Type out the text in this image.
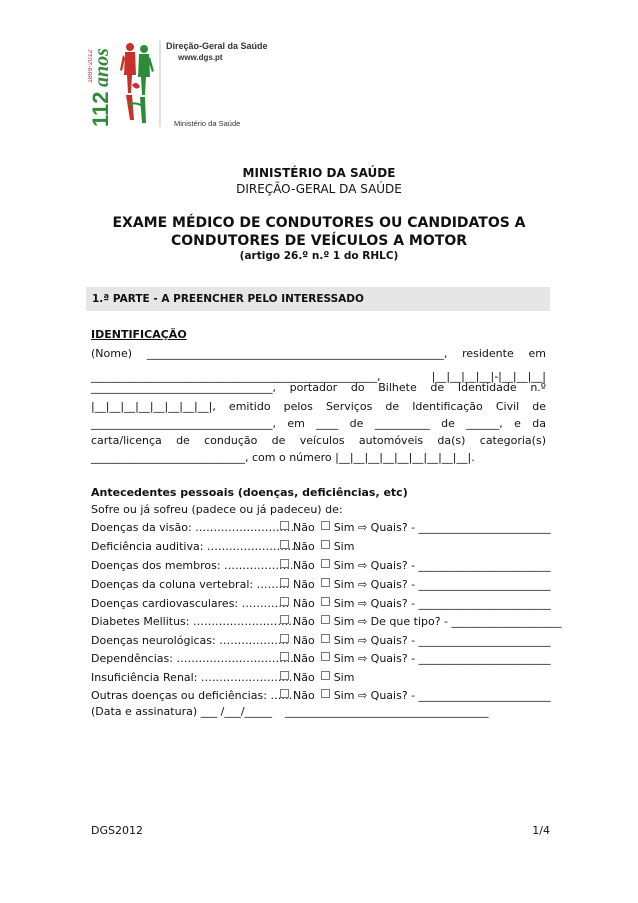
112
anos
1899-2012
Direção-Geral da Saúde
www.dgs.pt
Ministério da Saúde
MINISTÉRIO DA SAÚDE
DIREÇÃO-GERAL DA SAÚDE
EXAME MÉDICO DE CONDUTORES OU CANDIDATOS A
CONDUTORES DE VEÍCULOS A MOTOR
(artigo 26.º n.º 1 do RHLC)
1.ª PARTE - A PREENCHER PELO INTERESSADO
IDENTIFICAÇÃO
(Nome) ______________________________________________________, residente em
____________________________________________________,	|__|__|__|__|-|__|__|__|
_________________________________, portador do Bilhete de Identidade n.º
|__|__|__|__|__|__|__|__|, emitido pelos Serviços de Identificação Civil de
_________________________________, em ____ de __________ de ______, e da
carta/licença de condução de veículos automóveis da(s) categoria(s)
____________________________, com o número |__|__|__|__|__|__|__|__|__|.
Antecedentes pessoais (doenças, deficiências, etc)
Sofre ou já sofreu (padece ou já padeceu) de:
Doenças da visão: ………………………
Não Sim ⇨ Quais? - ________________________
Deficiência auditiva: …………………….
Não Sim
Doenças dos membros: ………………. Não Sim ⇨ Quais? - ________________________
Doenças da coluna vertebral: ……… Não Sim ⇨ Quais? - ________________________
Doenças cardiovasculares: …………. Não Sim ⇨ Quais? - ________________________
Diabetes Mellitus: ……………………….
Não Sim ⇨ De que tipo? - ____________________
Doenças neurológicas: ………………. Não Sim ⇨ Quais? - ________________________
Dependências: ……………………………
Não Sim ⇨ Quais? - ________________________
Insuficiência Renal: ……………………. Não Sim
Outras doenças ou deficiências: …… Não Sim ⇨ Quais? - ________________________
(Data e assinatura) ___ /___/_____ _____________________________________
DGS2012	1/4
